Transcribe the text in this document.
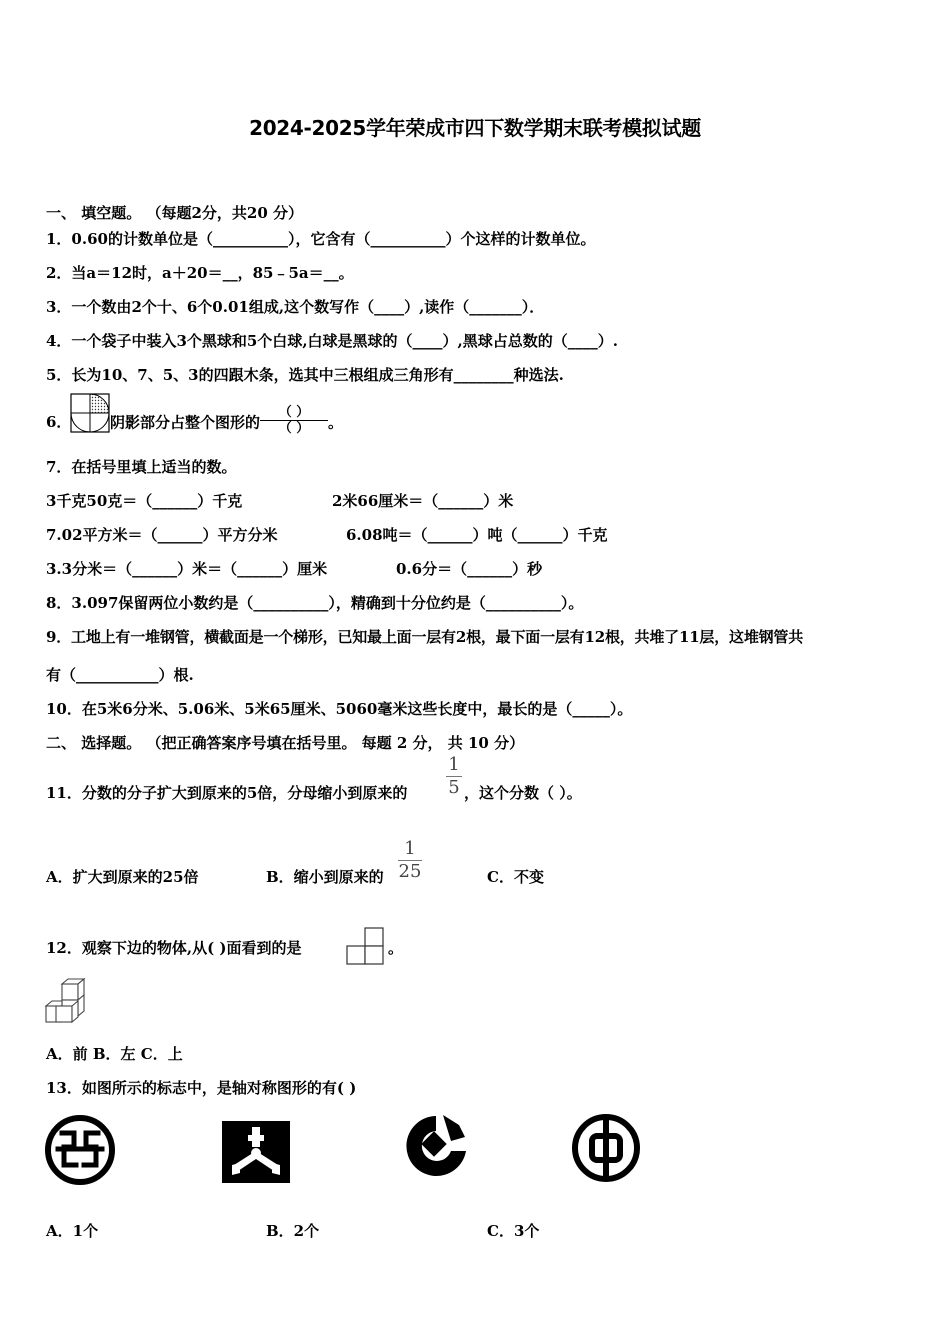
2024-2025学年荣成市四下数学期末联考模拟试题
一、 填空题。 （每题2分，共20 分）
1．0.60的计数单位是（__________），它含有（__________）个这样的计数单位。
2．当a＝12时，a＋20＝__，85﹣5a＝__。
3．一个数由2个十、6个0.01组成,这个数写作（____）,读作（_______）．
4．一个袋子中装入3个黑球和5个白球,白球是黑球的（____）,黑球占总数的（____）.
5．长为10、7、5、3的四跟木条，选其中三根组成三角形有________种选法.
6．	阴影部分占整个图形的 $\frac{( )}{( )}$ 。
7．在括号里填上适当的数。
3千克50克＝（______）千克	2米66厘米＝（______）米
7.02平方米＝（______）平方分米	6.08吨＝（______）吨（______）千克
3.3分米＝（______）米＝（______）厘米	0.6分＝（______）秒
8．3.097保留两位小数约是（__________），精确到十分位约是（__________）。
9．工地上有一堆钢管，横截面是一个梯形，已知最上面一层有2根，最下面一层有12根，共堆了11层，这堆钢管共
有（___________）根.
10．在5米6分米、5.06米、5米65厘米、5060毫米这些长度中，最长的是（_____）。
二、 选择题。 （把正确答案序号填在括号里。 每题 2 分， 共 10 分）
11．分数的分子扩大到原来的5倍，分母缩小到原来的 $\frac{1}{5}$ ，这个分数（ ）。
A．扩大到原来的25倍	B．缩小到原来的 $\frac{1}{25}$	C．不变
12．观察下边的物体,从( )面看到的是	。
A．前 B．左 C．上
13．如图所示的标志中，是轴对称图形的有( )
A．1个	B．2个	C．3个
